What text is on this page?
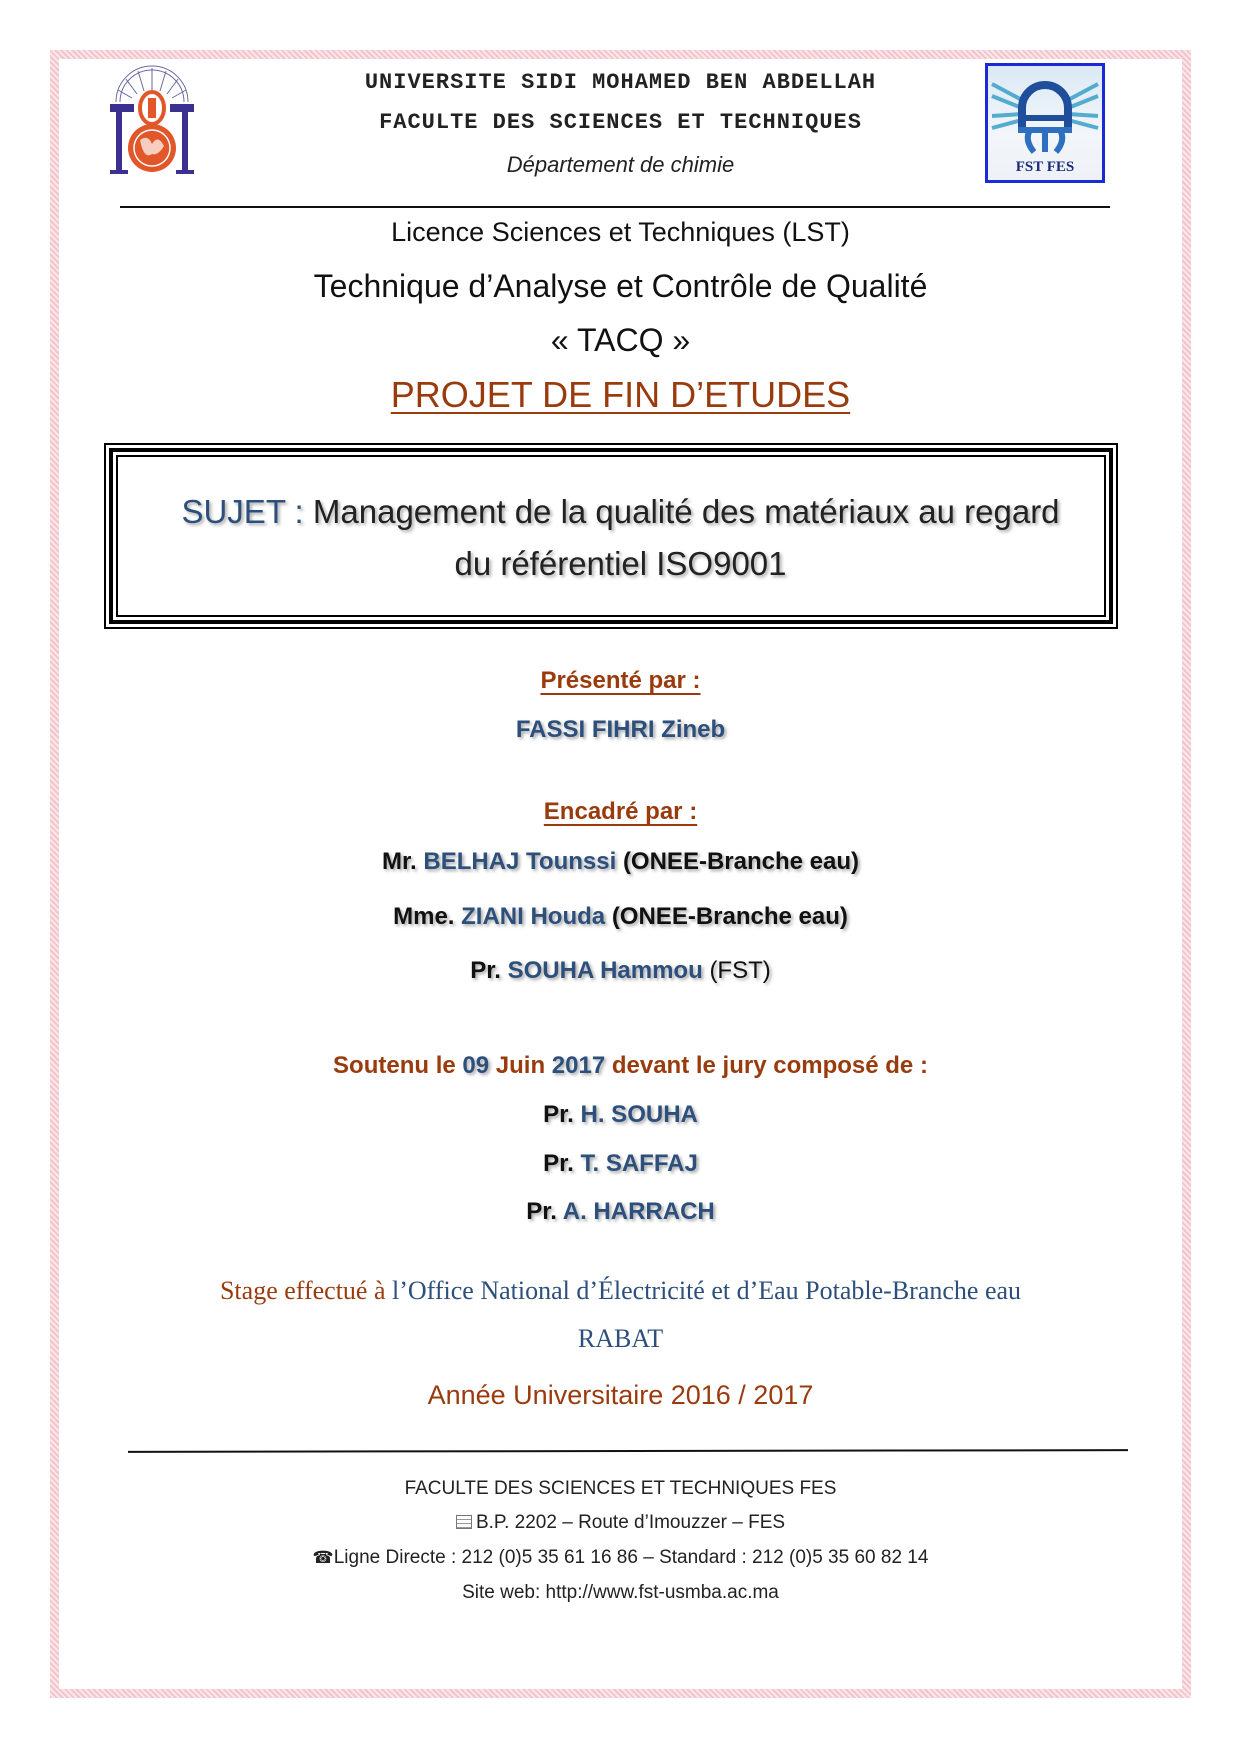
UNIVERSITE SIDI MOHAMED BEN ABDELLAH
FACULTE DES SCIENCES ET TECHNIQUES
Département de chimie	FST FES
Licence Sciences et Techniques (LST)
Technique d’Analyse et Contrôle de Qualité
« TACQ »
PROJET DE FIN D’ETUDES
SUJET : Management de la qualité des matériaux au regard
du référentiel ISO9001
Présenté par :
FASSI FIHRI Zineb
Encadré par :
Mr. BELHAJ Tounssi (ONEE-Branche eau)
Mme. ZIANI Houda (ONEE-Branche eau)
Pr. SOUHA Hammou (FST)
Soutenu le 09 Juin 2017 devant le jury composé de :
Pr. H. SOUHA
Pr. T. SAFFAJ
Pr. A. HARRACH
Stage effectué à l’Office National d’Électricité et d’Eau Potable-Branche eau
RABAT
Année Universitaire 2016 / 2017
FACULTE DES SCIENCES ET TECHNIQUES FES
B.P. 2202 – Route d’Imouzzer – FES
☎Ligne Directe : 212 (0)5 35 61 16 86 – Standard : 212 (0)5 35 60 82 14
Site web: http://www.fst-usmba.ac.ma
